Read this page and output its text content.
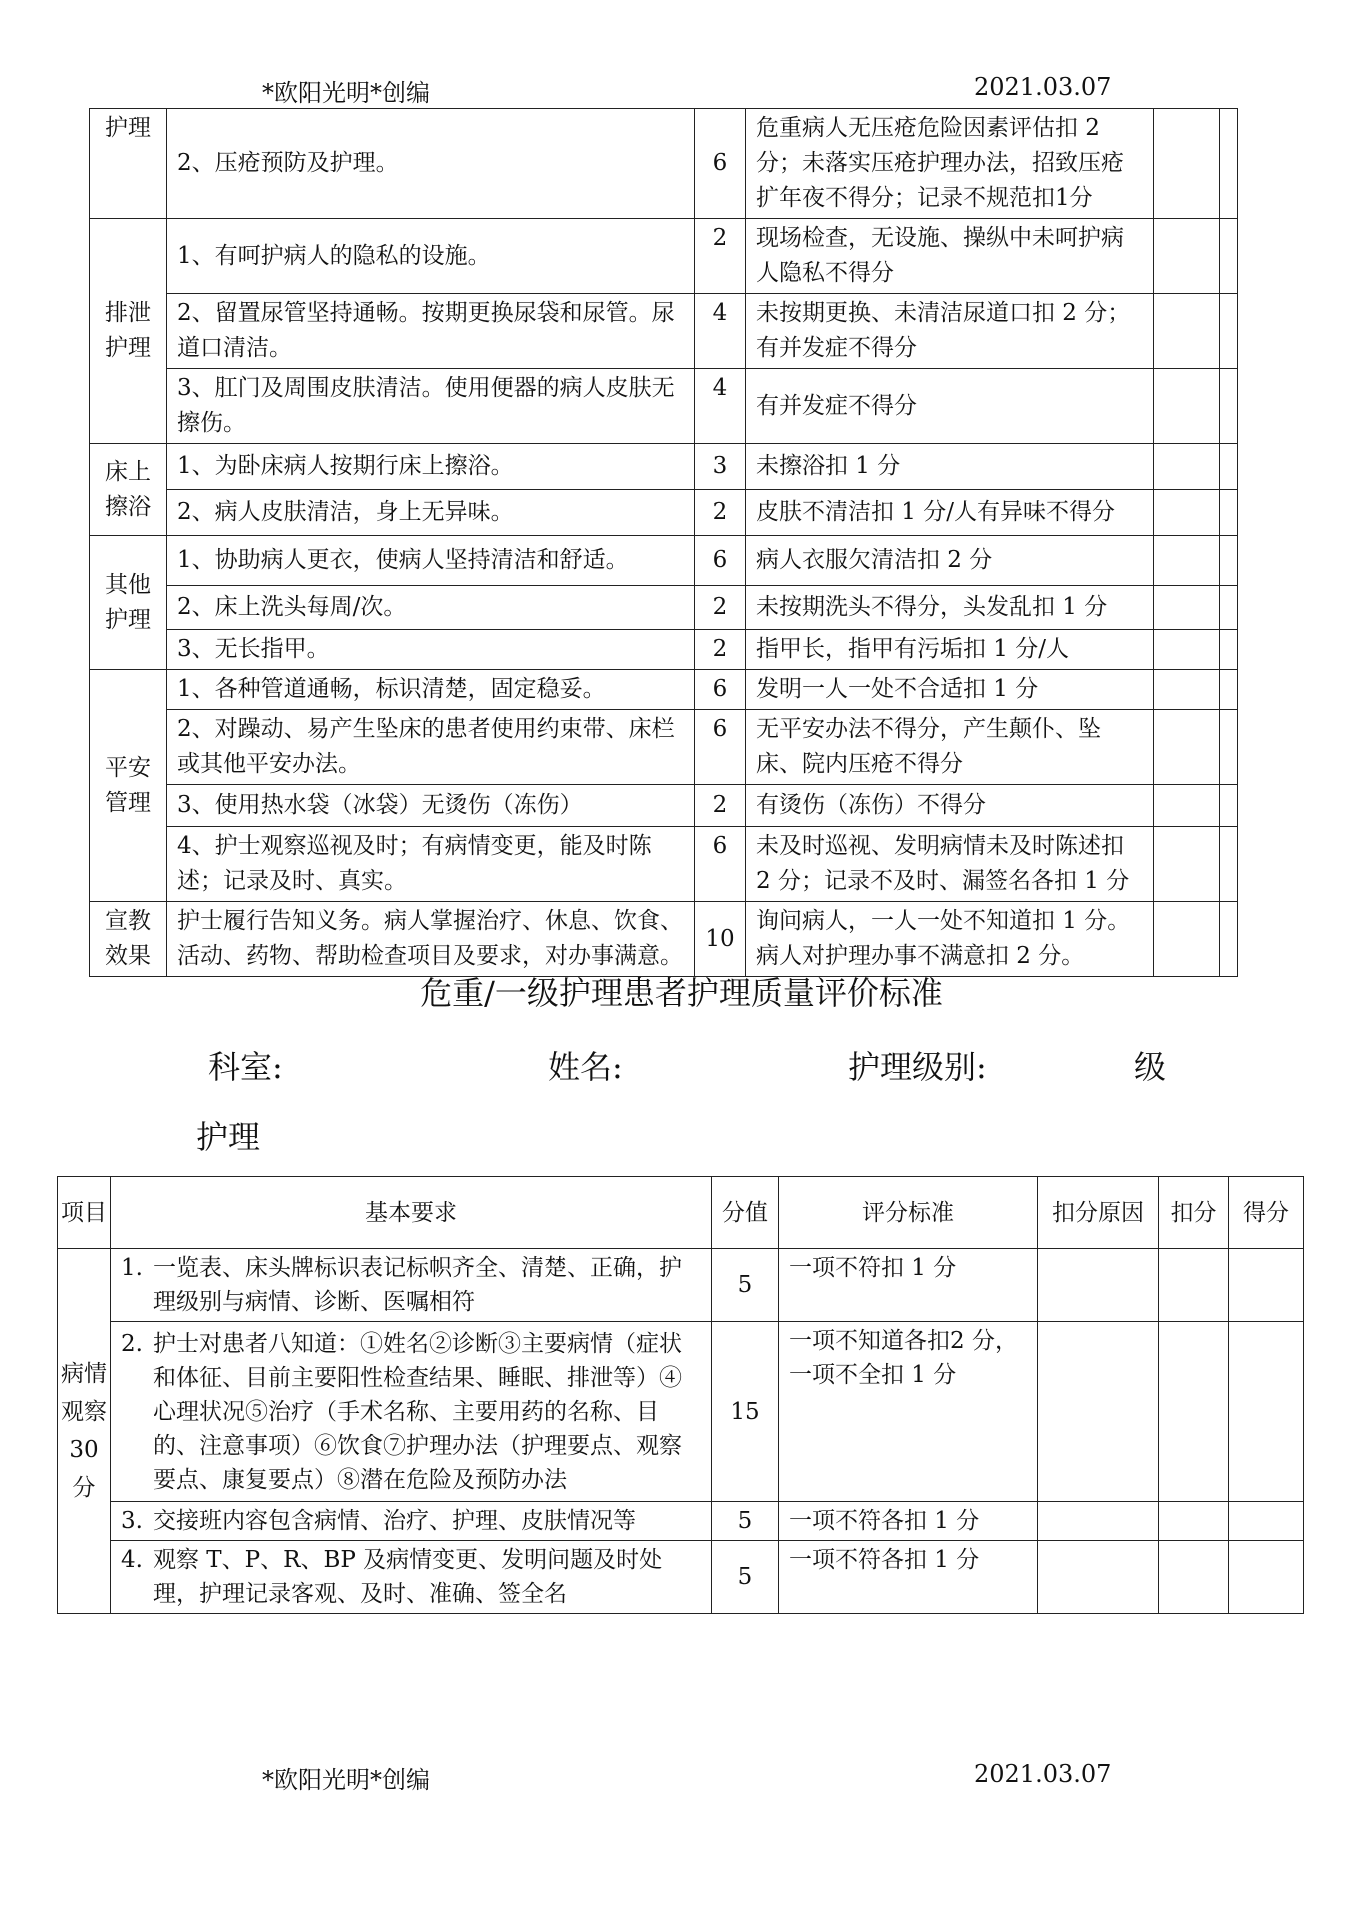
*欧阳光明*创编	2021.03.07
护理	2、压疮预防及护理。	6	危重病人无压疮危险因素评估扣 2 分；未落实压疮护理办法，招致压疮扩年夜不得分；记录不规范扣1分		
排泄护理	1、有呵护病人的隐私的设施。	2	现场检查，无设施、操纵中未呵护病人隐私不得分		
	2、留置尿管坚持通畅。按期更换尿袋和尿管。尿道口清洁。	4	未按期更换、未清洁尿道口扣 2 分；有并发症不得分		
	3、肛门及周围皮肤清洁。使用便器的病人皮肤无擦伤。	4	有并发症不得分		
床上擦浴	1、为卧床病人按期行床上擦浴。	3	未擦浴扣 1 分		
	2、病人皮肤清洁，身上无异味。	2	皮肤不清洁扣 1 分/人有异味不得分		
其他护理	1、协助病人更衣，使病人坚持清洁和舒适。	6	病人衣服欠清洁扣 2 分		
	2、床上洗头每周/次。	2	未按期洗头不得分，头发乱扣 1 分		
	3、无长指甲。	2	指甲长，指甲有污垢扣 1 分/人		
平安管理	1、各种管道通畅，标识清楚，固定稳妥。	6	发明一人一处不合适扣 1 分		
	2、对躁动、易产生坠床的患者使用约束带、床栏或其他平安办法。	6	无平安办法不得分，产生颠仆、坠床、院内压疮不得分		
	3、使用热水袋（冰袋）无烫伤（冻伤）	2	有烫伤（冻伤）不得分		
	4、护士观察巡视及时；有病情变更，能及时陈述；记录及时、真实。	6	未及时巡视、发明病情未及时陈述扣 2 分；记录不及时、漏签名各扣 1 分		
宣教效果	护士履行告知义务。病人掌握治疗、休息、饮食、活动、药物、帮助检查项目及要求，对办事满意。	10	询问病人，一人一处不知道扣 1 分。病人对护理办事不满意扣 2 分。		
危重/一级护理患者护理质量评价标准
科室:	姓名:	护理级别:	级
护理
项目	基本要求	分值	评分标准	扣分原因	扣分	得分
病情观察30分	1. 一览表、床头牌标识表记标帜齐全、清楚、正确，护理级别与病情、诊断、医嘱相符	5	一项不符扣 1 分			

	2. 护士对患者八知道：①姓名②诊断③主要病情（症状和体征、目前主要阳性检查结果、睡眠、排泄等）④ 心理状况⑤治疗（手术名称、主要用药的名称、目的、注意事项）⑥饮食⑦护理办法（护理要点、观察要点、康复要点）⑧潜在危险及预防办法	15	一项不知道各扣2 分，一项不全扣 1 分			

	3. 交接班内容包含病情、治疗、护理、皮肤情况等	5	一项不符各扣 1 分			

	4. 观察 T、P、R、BP 及病情变更、发明问题及时处理，护理记录客观、及时、准确、签全名	5	一项不符各扣 1 分			
*欧阳光明*创编	2021.03.07
